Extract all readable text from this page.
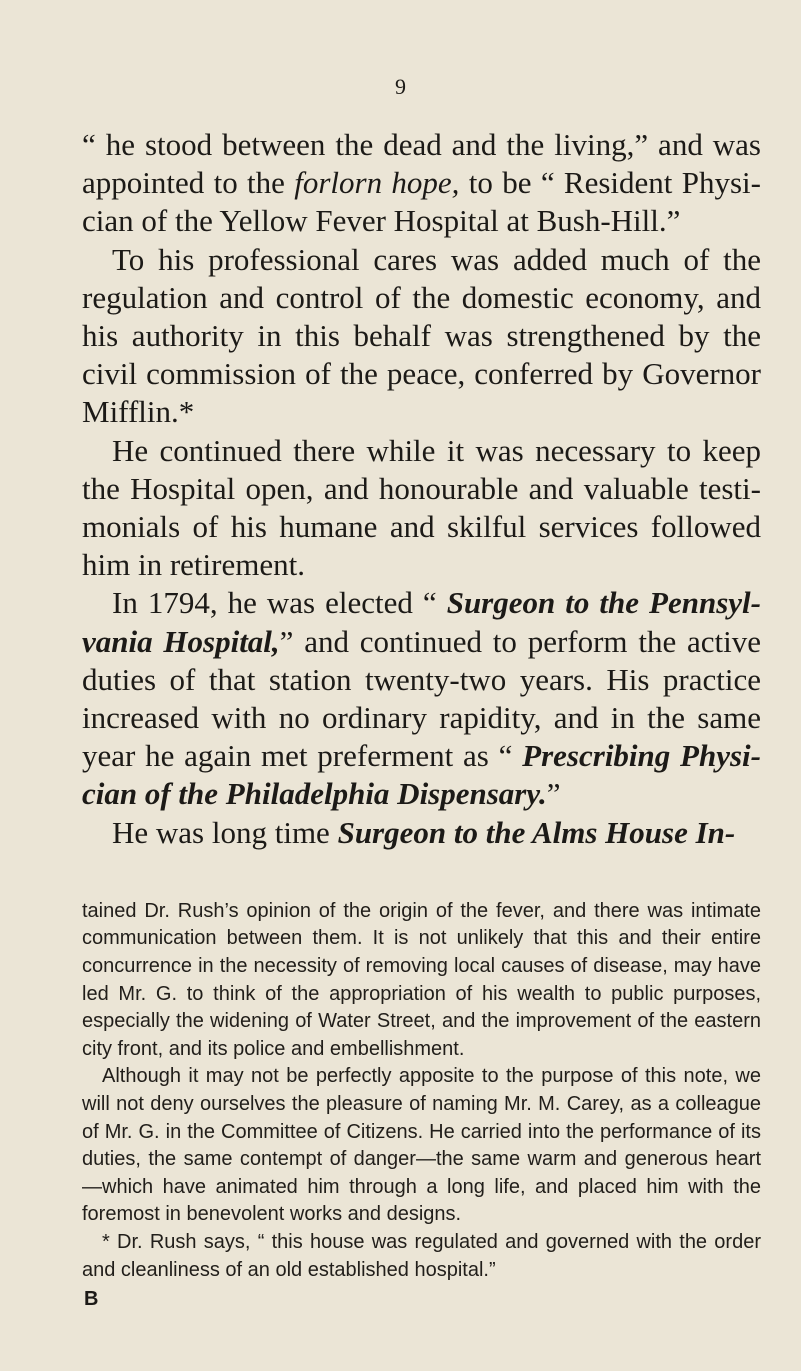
9

“ he stood between the dead and the living,” and was appointed to the forlorn hope, to be “ Resident Physician of the Yellow Fever Hospital at Bush-Hill.”

To his professional cares was added much of the regulation and control of the domestic economy, and his authority in this behalf was strengthened by the civil commission of the peace, conferred by Governor Mifflin.*

He continued there while it was necessary to keep the Hospital open, and honourable and valuable testimonials of his humane and skilful services followed him in retirement.

In 1794, he was elected “ Surgeon to the Pennsylvania Hospital,” and continued to perform the active duties of that station twenty-two years. His practice increased with no ordinary rapidity, and in the same year he again met preferment as “ Prescribing Physician of the Philadelphia Dispensary.”

He was long time Surgeon to the Alms House In-

tained Dr. Rush’s opinion of the origin of the fever, and there was intimate communication between them. It is not unlikely that this and their entire concurrence in the necessity of removing local causes of disease, may have led Mr. G. to think of the appropriation of his wealth to public purposes, especially the widening of Water Street, and the improvement of the eastern city front, and its police and embellishment.

Although it may not be perfectly apposite to the purpose of this note, we will not deny ourselves the pleasure of naming Mr. M. Carey, as a colleague of Mr. G. in the Committee of Citizens. He carried into the performance of its duties, the same contempt of danger—the same warm and generous heart—which have animated him through a long life, and placed him with the foremost in benevolent works and designs.

* Dr. Rush says, “ this house was regulated and governed with the order and cleanliness of an old established hospital.”

B
